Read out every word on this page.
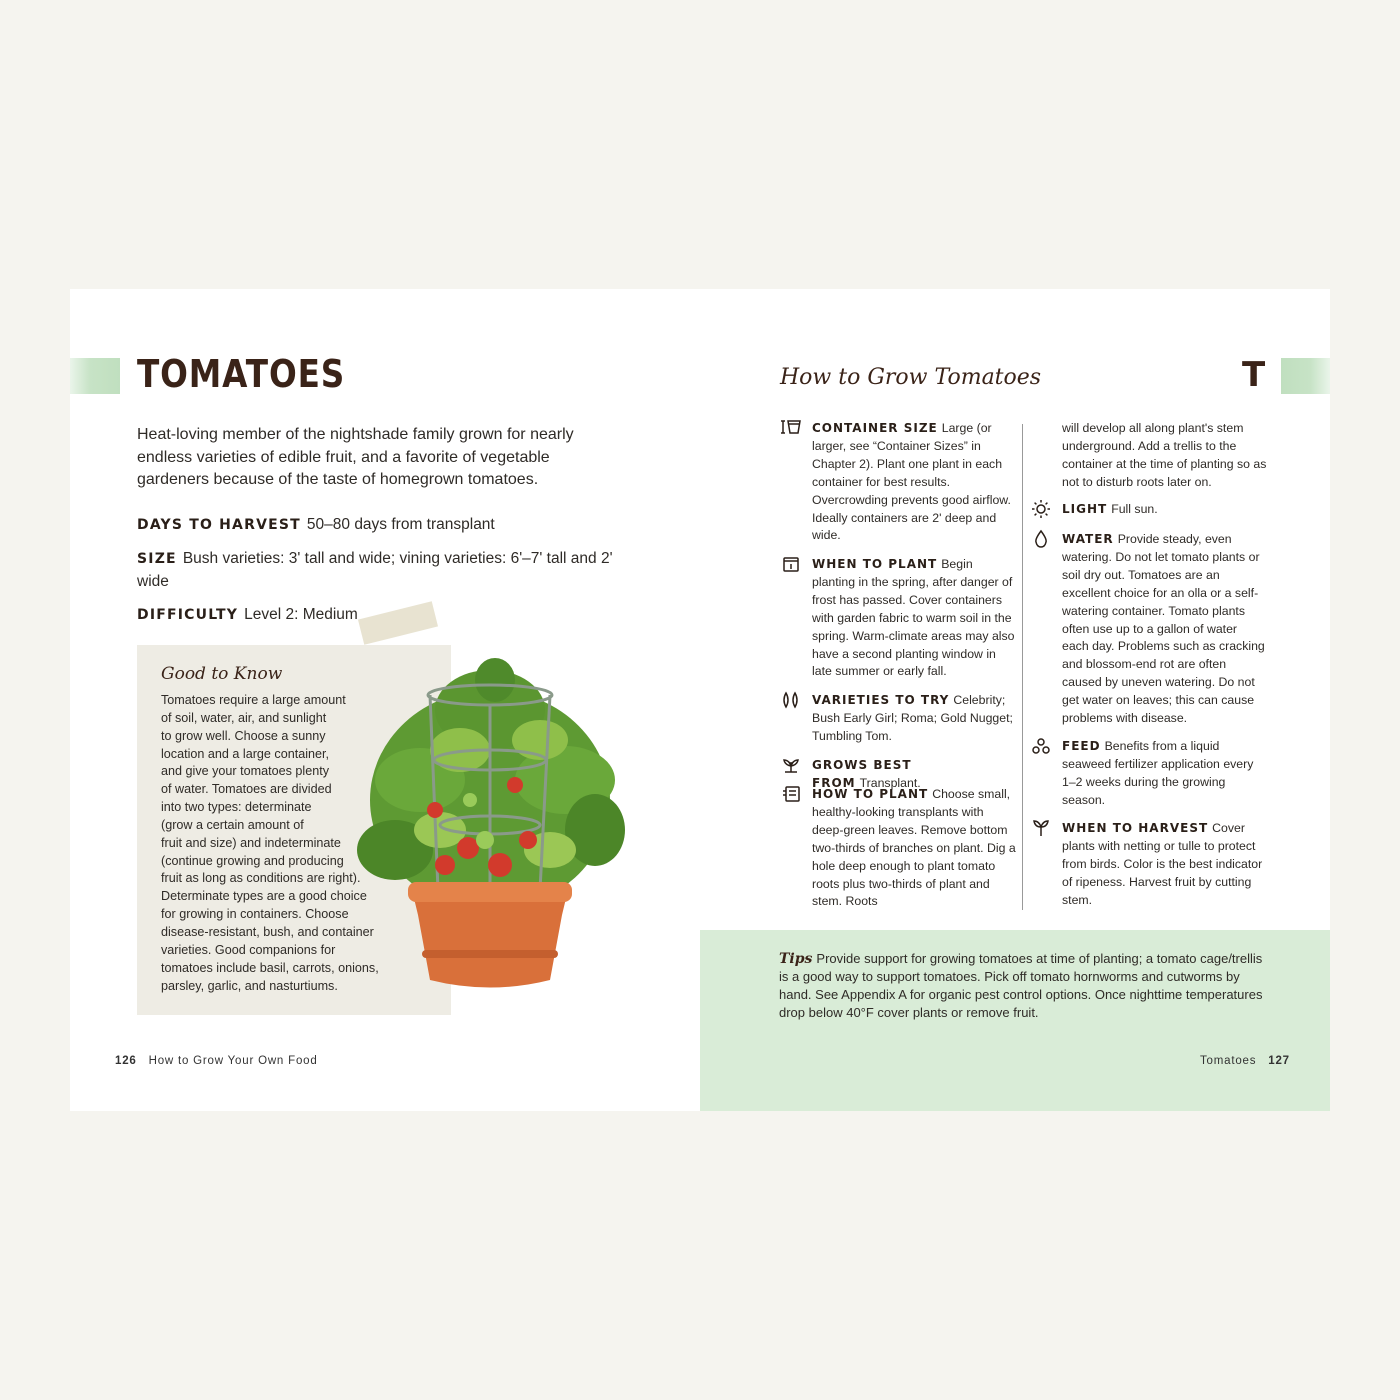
TOMATOES
Heat-loving member of the nightshade family grown for nearly endless varieties of edible fruit, and a favorite of vegetable gardeners because of the taste of homegrown tomatoes.
DAYS TO HARVEST 50–80 days from transplant
SIZE Bush varieties: 3' tall and wide; vining varieties: 6'–7' tall and 2' wide
DIFFICULTY Level 2: Medium
Good to Know
Tomatoes require a large amount
of soil, water, air, and sunlight
to grow well. Choose a sunny
location and a large container,
and give your tomatoes plenty
of water. Tomatoes are divided
into two types: determinate
(grow a certain amount of
fruit and size) and indeterminate
(continue growing and producing
fruit as long as conditions are right).
Determinate types are a good choice
for growing in containers. Choose
disease-resistant, bush, and container
varieties. Good companions for
tomatoes include basil, carrots, onions,
parsley, garlic, and nasturtiums.
126 How to Grow Your Own Food
How to Grow Tomatoes	T
CONTAINER SIZE Large (or larger, see “Container Sizes” in Chapter 2). Plant one plant in each container for best results. Overcrowding prevents good airflow. Ideally containers are 2' deep and wide.
WHEN TO PLANT Begin planting in the spring, after danger of frost has passed. Cover containers with garden fabric to warm soil in the spring. Warm-climate areas may also have a second planting window in late summer or early fall.
VARIETIES TO TRY Celebrity; Bush Early Girl; Roma; Gold Nugget; Tumbling Tom.
GROWS BEST FROM Transplant.
HOW TO PLANT Choose small, healthy-looking transplants with deep-green leaves. Remove bottom two-thirds of branches on plant. Dig a hole deep enough to plant tomato roots plus two-thirds of plant and stem. Roots
will develop all along plant's stem underground. Add a trellis to the container at the time of planting so as not to disturb roots later on.
LIGHT Full sun.
WATER Provide steady, even watering. Do not let tomato plants or soil dry out. Tomatoes are an excellent choice for an olla or a self-watering container. Tomato plants often use up to a gallon of water each day. Problems such as cracking and blossom-end rot are often caused by uneven watering. Do not get water on leaves; this can cause problems with disease.
FEED Benefits from a liquid seaweed fertilizer application every 1–2 weeks during the growing season.
WHEN TO HARVEST Cover plants with netting or tulle to protect from birds. Color is the best indicator of ripeness. Harvest fruit by cutting stem.
Tips Provide support for growing tomatoes at time of planting; a tomato cage/trellis is a good way to support tomatoes. Pick off tomato hornworms and cutworms by hand. See Appendix A for organic pest control options. Once nighttime temperatures drop below 40°F cover plants or remove fruit.
Tomatoes 127
